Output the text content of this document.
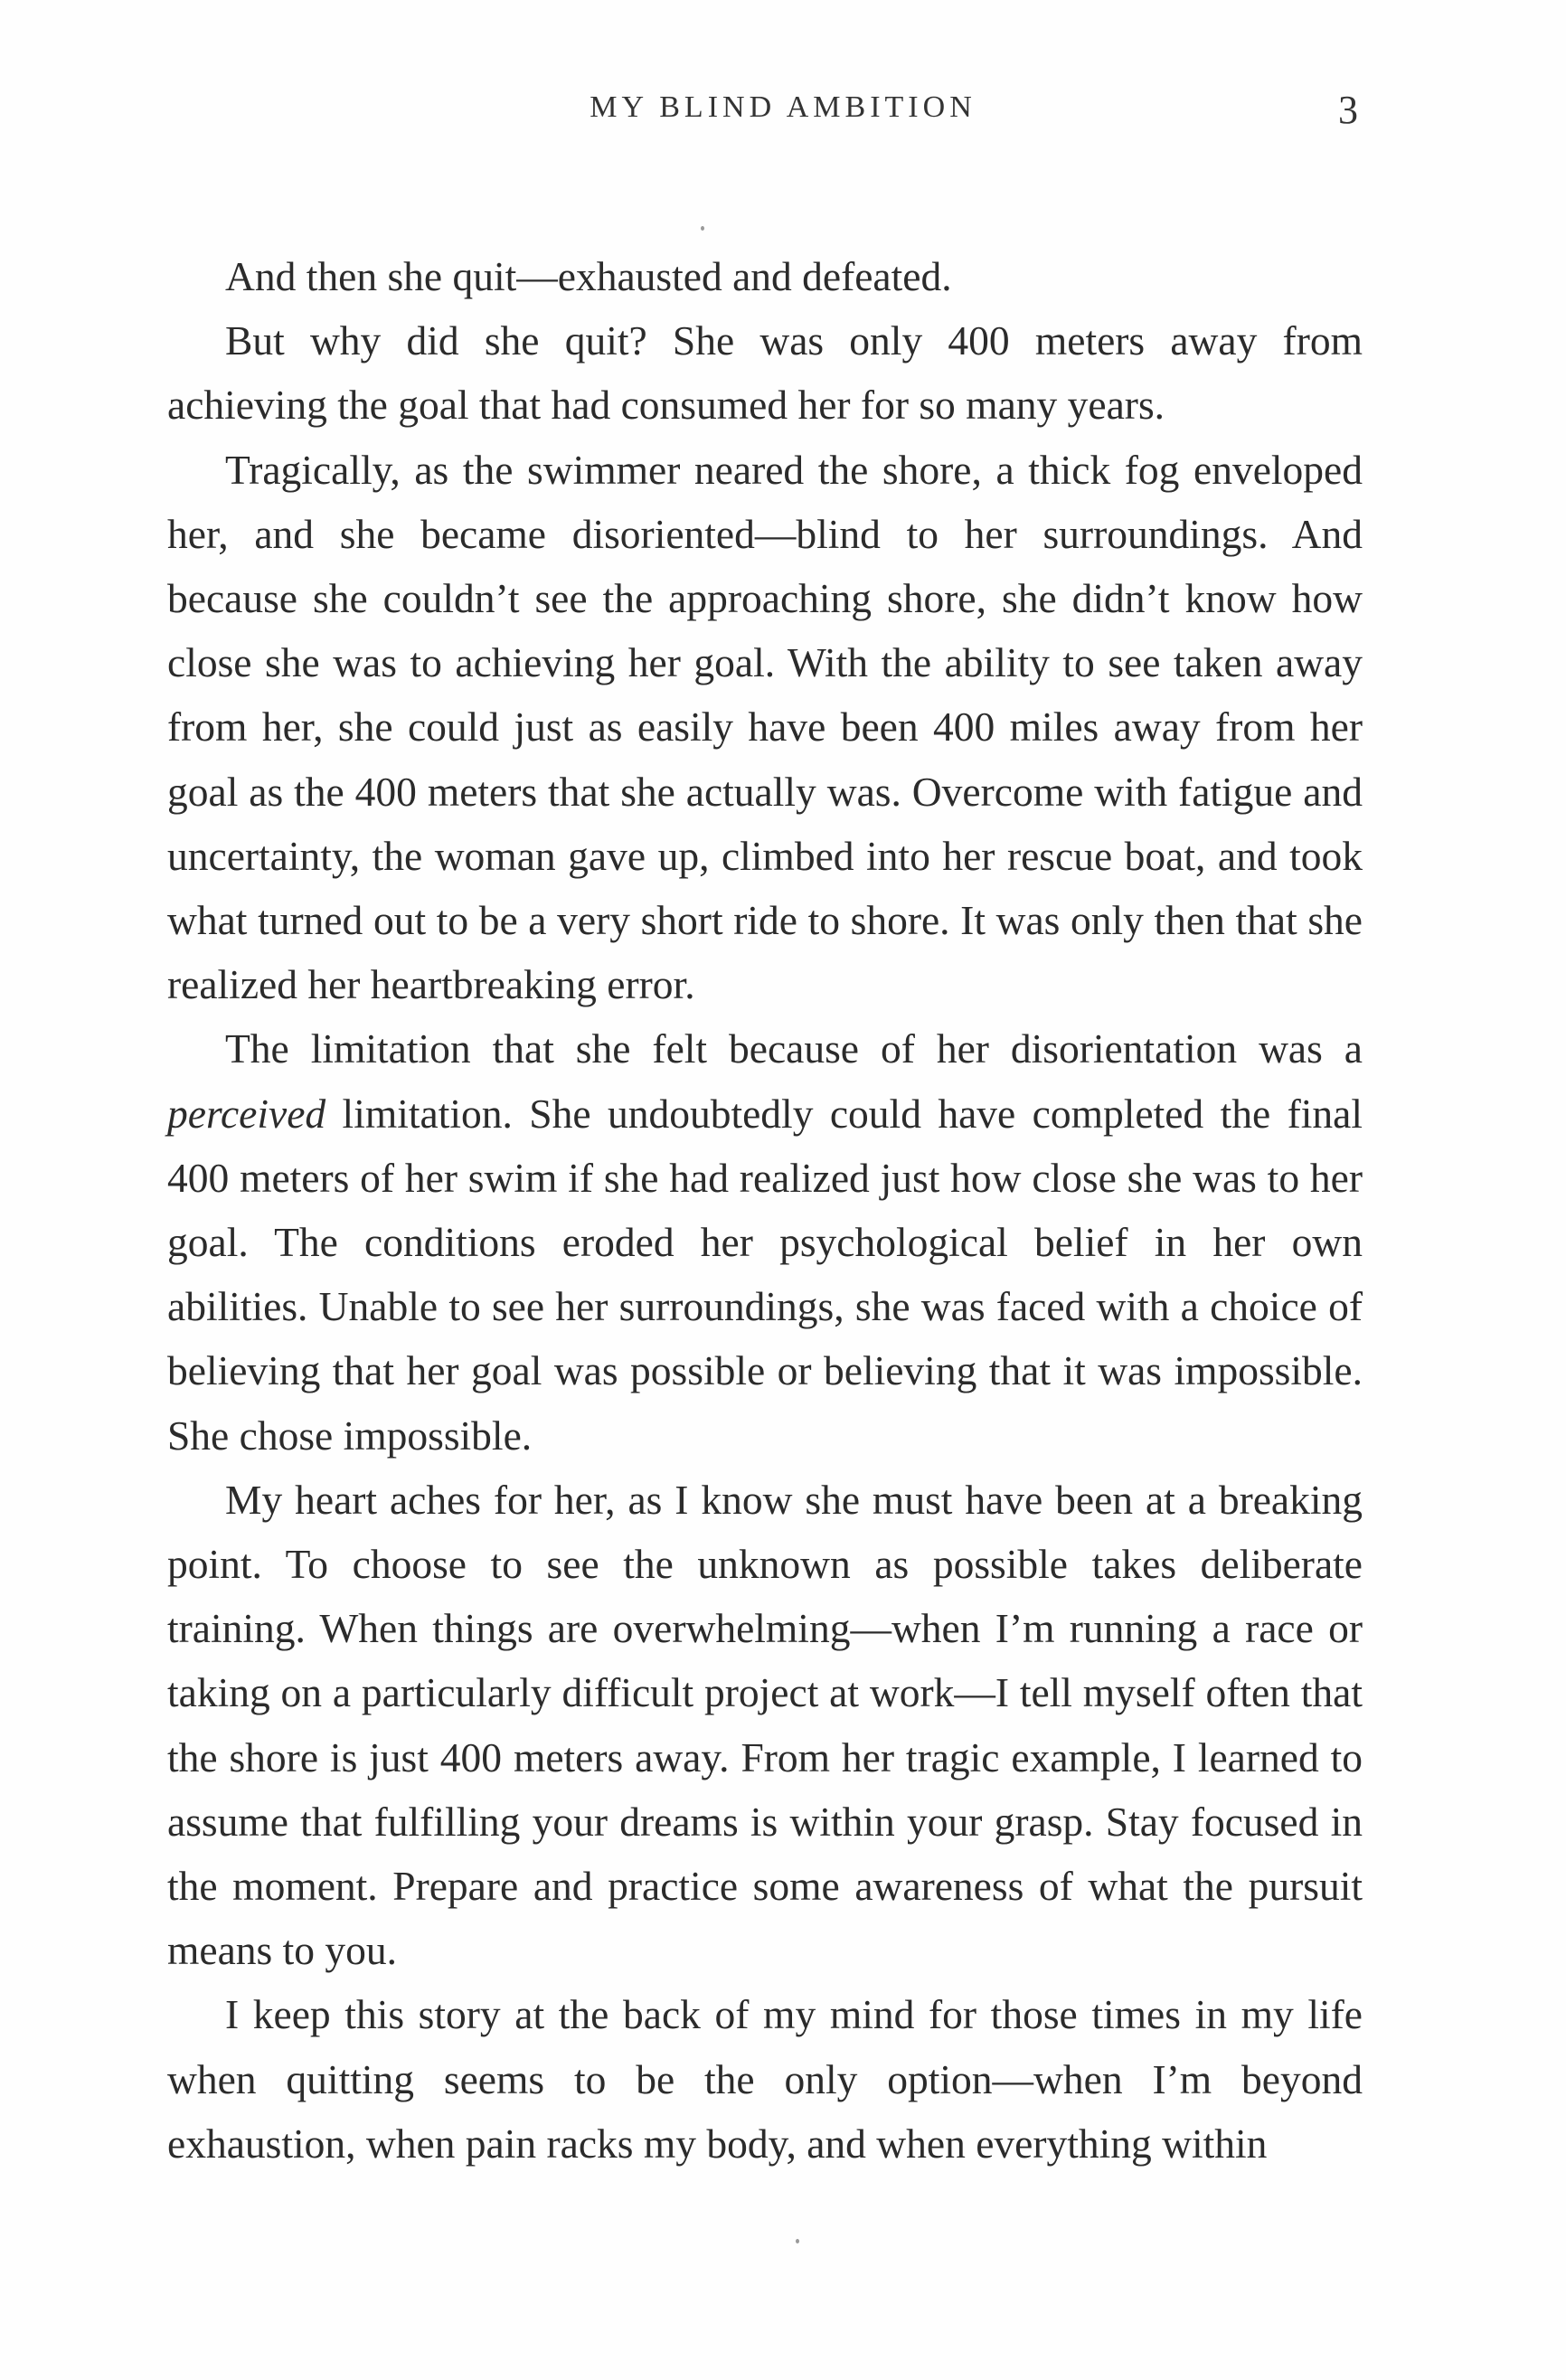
MY BLIND AMBITION	3

And then she quit—exhausted and defeated.

But why did she quit? She was only 400 meters away from achieving the goal that had consumed her for so many years.

Tragically, as the swimmer neared the shore, a thick fog enveloped her, and she became disoriented—blind to her surroundings. And because she couldn’t see the approaching shore, she didn’t know how close she was to achieving her goal. With the ability to see taken away from her, she could just as easily have been 400 miles away from her goal as the 400 meters that she actually was. Overcome with fatigue and uncertainty, the woman gave up, climbed into her rescue boat, and took what turned out to be a very short ride to shore. It was only then that she realized her heartbreaking error.

The limitation that she felt because of her disorientation was a perceived limitation. She undoubtedly could have completed the final 400 meters of her swim if she had realized just how close she was to her goal. The conditions eroded her psychological belief in her own abilities. Unable to see her surroundings, she was faced with a choice of believing that her goal was possible or believing that it was impossible. She chose impossible.

My heart aches for her, as I know she must have been at a breaking point. To choose to see the unknown as possible takes deliberate training. When things are overwhelming—when I’m running a race or taking on a particularly difficult project at work—I tell myself often that the shore is just 400 meters away. From her tragic example, I learned to assume that fulfilling your dreams is within your grasp. Stay focused in the moment. Prepare and practice some awareness of what the pursuit means to you.

I keep this story at the back of my mind for those times in my life when quitting seems to be the only option—when I’m beyond exhaustion, when pain racks my body, and when everything within
